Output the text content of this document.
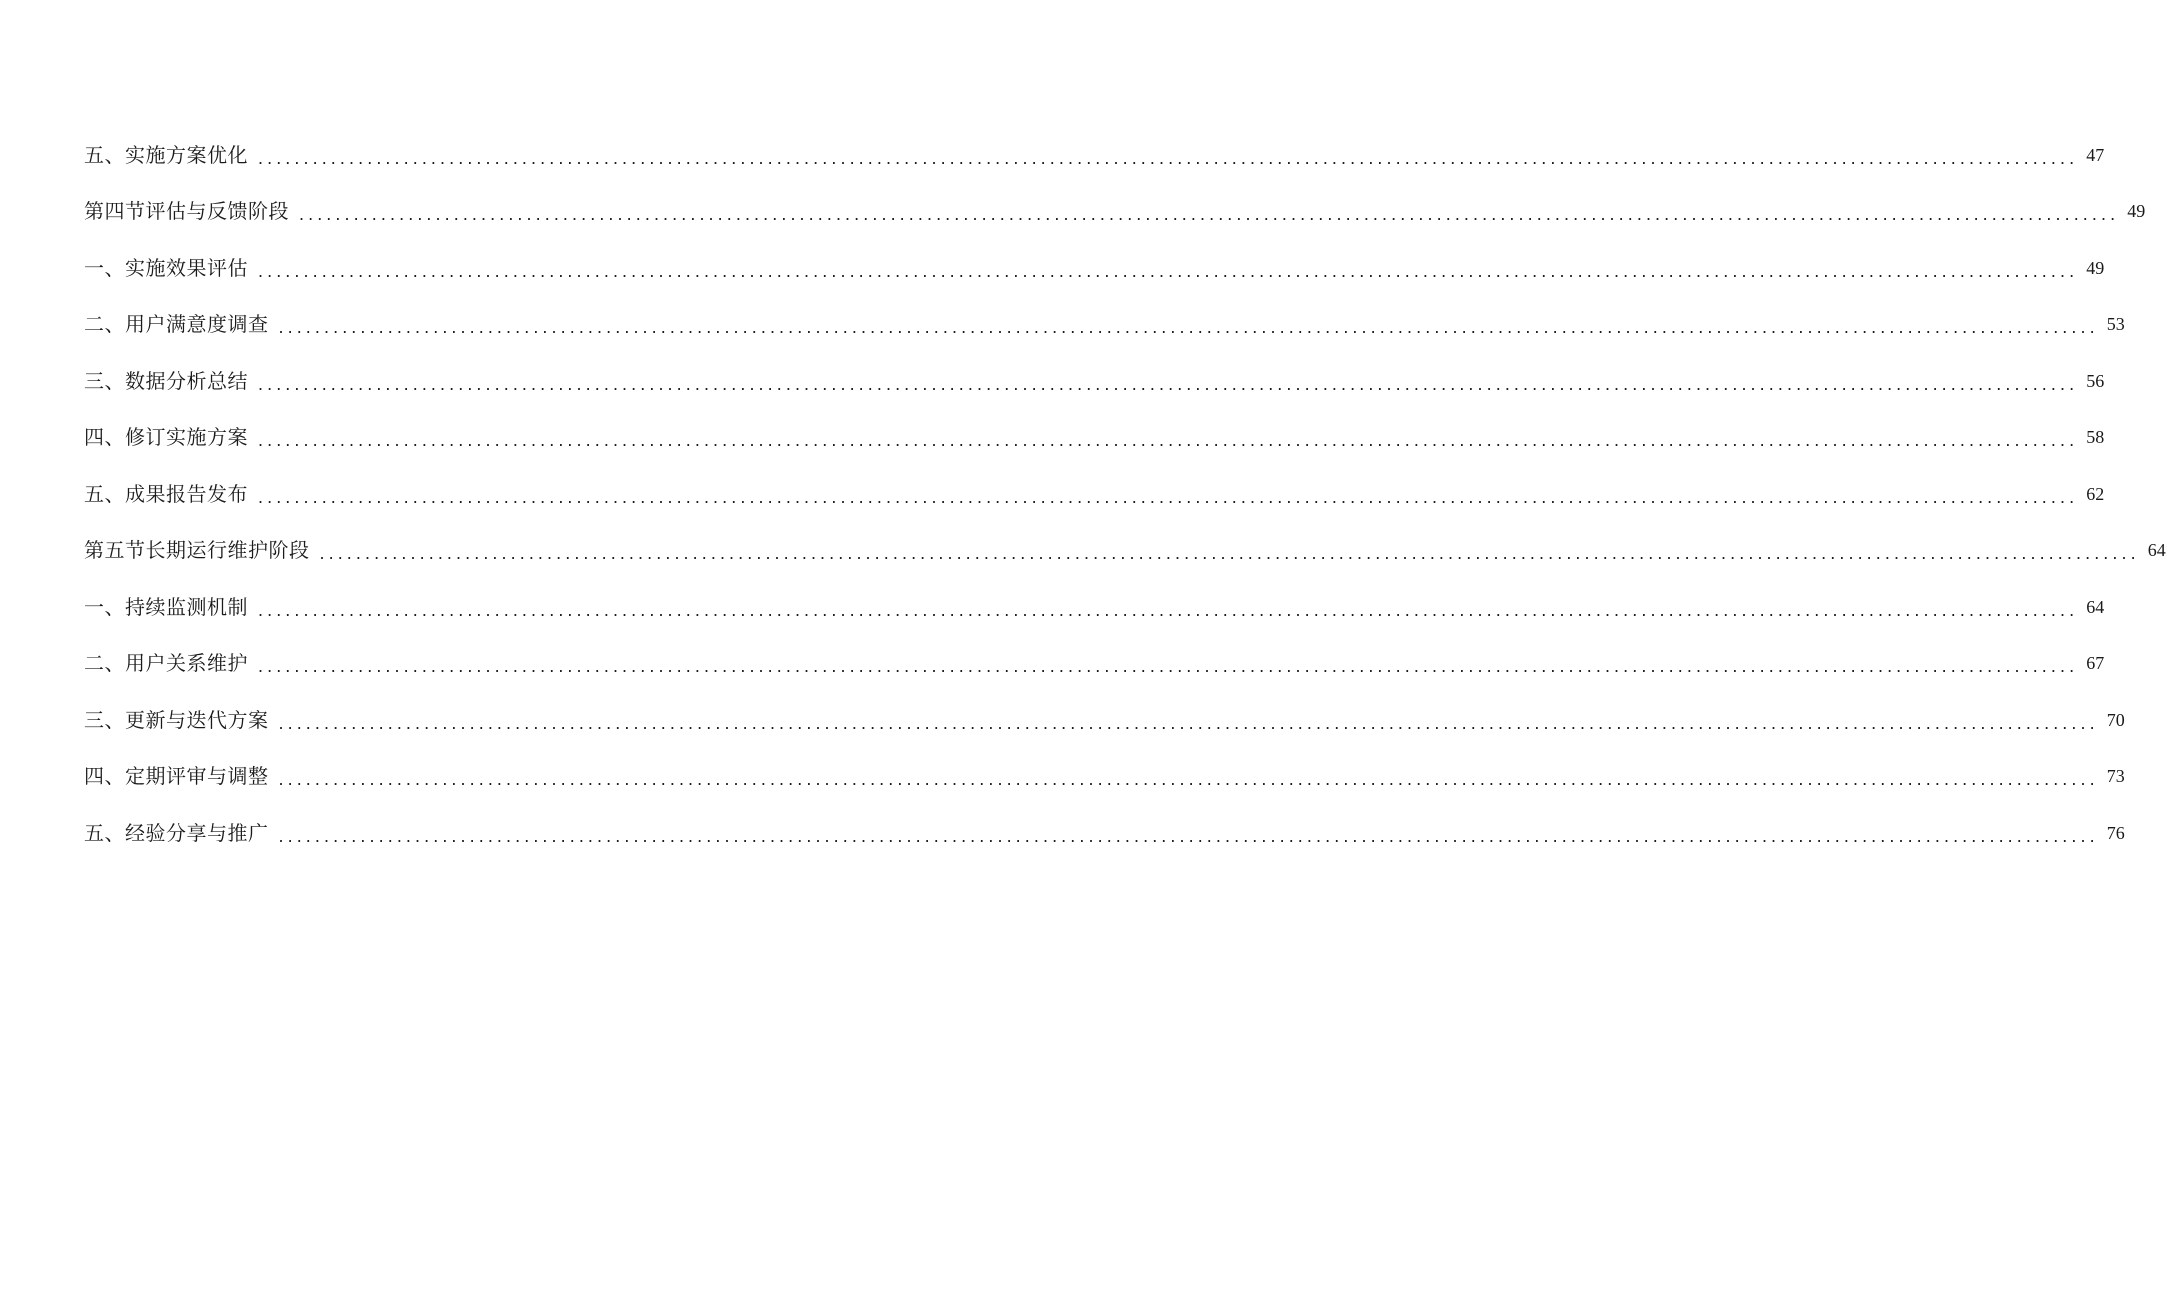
五、实施方案优化 ........................................................................................................................................................................................................ 47
第四节评估与反馈阶段 ........................................................................................................................................................................................................ 49
一、实施效果评估 ........................................................................................................................................................................................................ 49
二、用户满意度调查 ........................................................................................................................................................................................................ 53
三、数据分析总结 ........................................................................................................................................................................................................ 56
四、修订实施方案 ........................................................................................................................................................................................................ 58
五、成果报告发布 ........................................................................................................................................................................................................ 62
第五节长期运行维护阶段 ........................................................................................................................................................................................................ 64
一、持续监测机制 ........................................................................................................................................................................................................ 64
二、用户关系维护 ........................................................................................................................................................................................................ 67
三、更新与迭代方案 ........................................................................................................................................................................................................ 70
四、定期评审与调整 ........................................................................................................................................................................................................ 73
五、经验分享与推广 ........................................................................................................................................................................................................ 76
